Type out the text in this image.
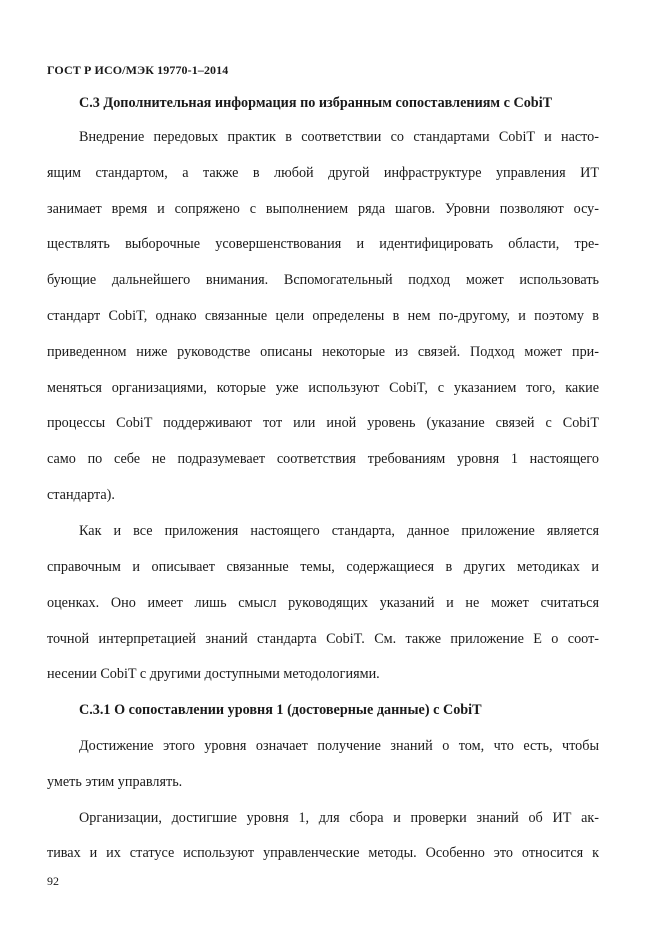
ГОСТ Р ИСО/МЭК 19770-1–2014
С.3 Дополнительная информация по избранным сопоставлениям с CobiT
Внедрение передовых практик в соответствии со стандартами CobiT и насто-
ящим стандартом, а также в любой другой инфраструктуре управления ИТ
занимает время и сопряжено с выполнением ряда шагов. Уровни позволяют осу-
ществлять выборочные усовершенствования и идентифицировать области, тре-
бующие дальнейшего внимания. Вспомогательный подход может использовать
стандарт CobiT, однако связанные цели определены в нем по-другому, и поэтому в
приведенном ниже руководстве описаны некоторые из связей. Подход может при-
меняться организациями, которые уже используют CobiT, с указанием того, какие
процессы CobiT поддерживают тот или иной уровень (указание связей с CobiT
само по себе не подразумевает соответствия требованиям уровня 1 настоящего
стандарта).
Как и все приложения настоящего стандарта, данное приложение является
справочным и описывает связанные темы, содержащиеся в других методиках и
оценках. Оно имеет лишь смысл руководящих указаний и не может считаться
точной интерпретацией знаний стандарта CobiT. См. также приложение Е о соот-
несении CobiT с другими доступными методологиями.
С.3.1 О сопоставлении уровня 1 (достоверные данные) с CobiT
Достижение этого уровня означает получение знаний о том, что есть, чтобы
уметь этим управлять.
Организации, достигшие уровня 1, для сбора и проверки знаний об ИТ ак-
тивах и их статусе используют управленческие методы. Особенно это относится к
92
